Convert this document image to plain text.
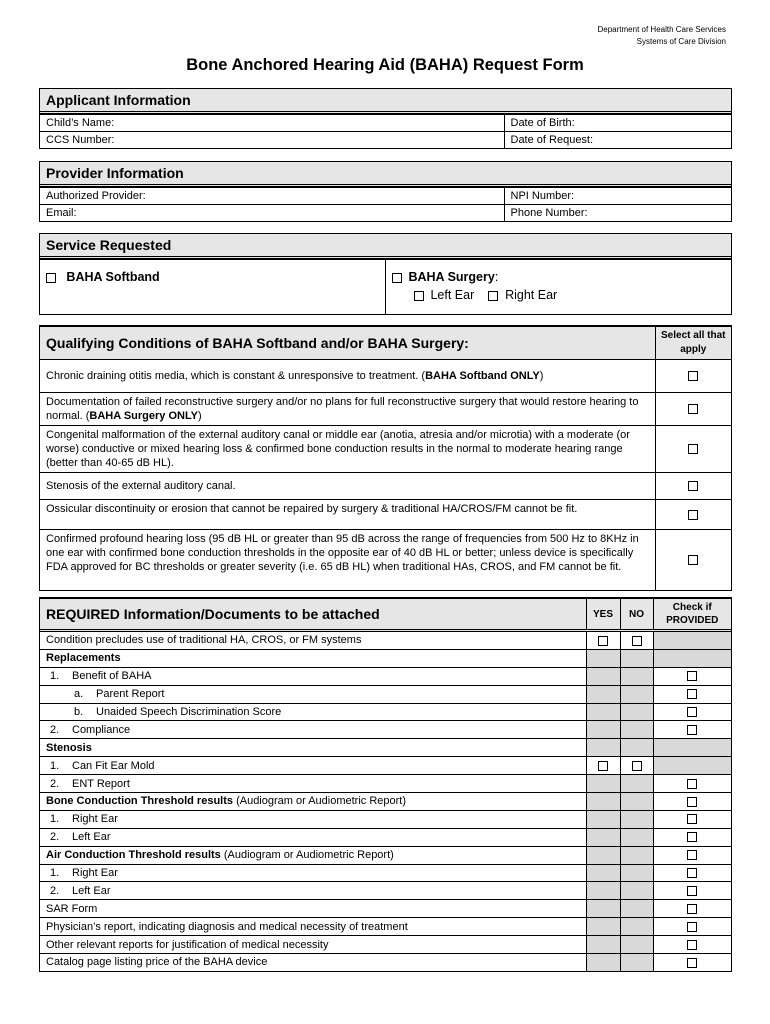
Department of Health Care Services
Systems of Care Division
Bone Anchored Hearing Aid (BAHA) Request Form
Applicant Information
Child’s Name:	Date of Birth:
CCS Number:	Date of Request:
Provider Information
Authorized Provider:	NPI Number:
Email:	Phone Number:
Service Requested
BAHA Softband	BAHA Surgery:
Left Ear Right Ear
Qualifying Conditions of BAHA Softband and/or BAHA Surgery:	Select all that apply
Chronic draining otitis media, which is constant & unresponsive to treatment. (BAHA Softband ONLY)	
Documentation of failed reconstructive surgery and/or no plans for full reconstructive surgery that would restore hearing to normal. (BAHA Surgery ONLY)	
Congenital malformation of the external auditory canal or middle ear (anotia, atresia and/or microtia) with a moderate (or worse) conductive or mixed hearing loss & confirmed bone conduction results in the normal to moderate hearing range (better than 40-65 dB HL).	
Stenosis of the external auditory canal.	
Ossicular discontinuity or erosion that cannot be repaired by surgery & traditional HA/CROS/FM cannot be fit.	
Confirmed profound hearing loss (95 dB HL or greater than 95 dB across the range of frequencies from 500 Hz to 8KHz in one ear with confirmed bone conduction thresholds in the opposite ear of 40 dB HL or better; unless device is specifically FDA approved for BC thresholds or greater severity (i.e. 65 dB HL) when traditional HAs, CROS, and FM cannot be fit.	
REQUIRED Information/Documents to be attached	YES	NO	Check if PROVIDED
Condition precludes use of traditional HA, CROS, or FM systems			
Replacements			
1. Benefit of BAHA			
a. Parent Report			
b. Unaided Speech Discrimination Score			
2. Compliance			
Stenosis			
1. Can Fit Ear Mold			
2. ENT Report			
Bone Conduction Threshold results (Audiogram or Audiometric Report)			
1. Right Ear			
2. Left Ear			
Air Conduction Threshold results (Audiogram or Audiometric Report)			
1. Right Ear			
2. Left Ear			
SAR Form			
Physician’s report, indicating diagnosis and medical necessity of treatment			
Other relevant reports for justification of medical necessity			
Catalog page listing price of the BAHA device			
